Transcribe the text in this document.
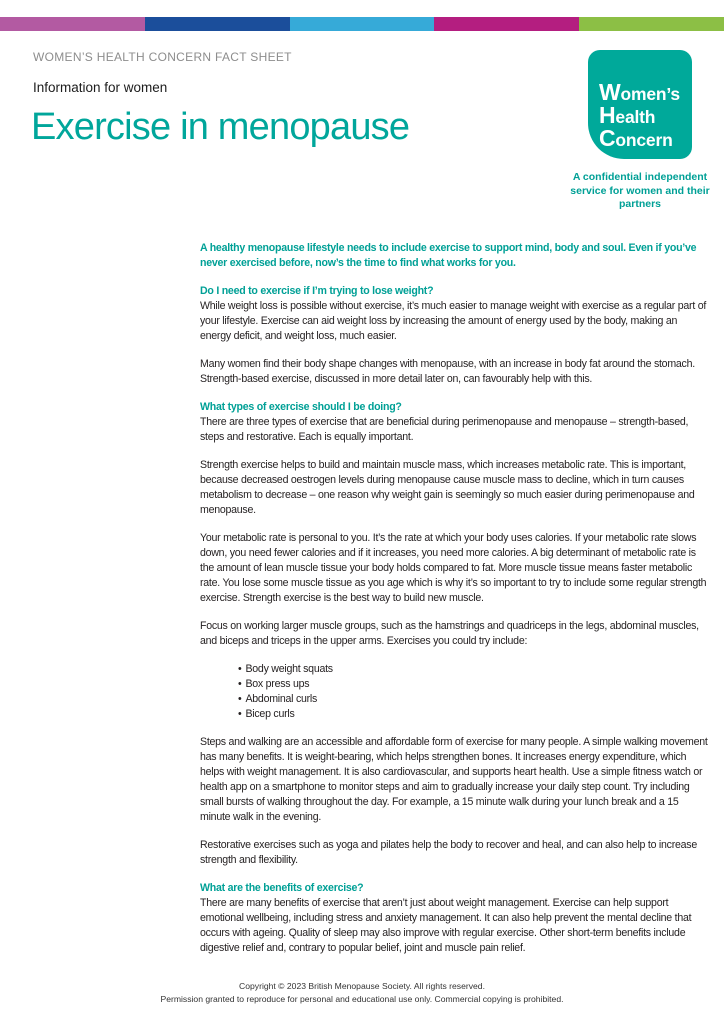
WOMEN’S HEALTH CONCERN FACT SHEET
Information for women
Exercise in menopause
Women’s
Health
Concern
A confidential independent service for women and their partners

A healthy menopause lifestyle needs to include exercise to support mind, body and soul. Even if you’ve never exercised before, now’s the time to find what works for you.

Do I need to exercise if I’m trying to lose weight?

While weight loss is possible without exercise, it’s much easier to manage weight with exercise as a regular part of your lifestyle. Exercise can aid weight loss by increasing the amount of energy used by the body, making an energy deficit, and weight loss, much easier.

Many women find their body shape changes with menopause, with an increase in body fat around the stomach. Strength-based exercise, discussed in more detail later on, can favourably help with this.

What types of exercise should I be doing?

There are three types of exercise that are beneficial during perimenopause and menopause – strength-based, steps and restorative. Each is equally important.

Strength exercise helps to build and maintain muscle mass, which increases metabolic rate. This is important, because decreased oestrogen levels during menopause cause muscle mass to decline, which in turn causes metabolism to decrease – one reason why weight gain is seemingly so much easier during perimenopause and menopause.

Your metabolic rate is personal to you. It’s the rate at which your body uses calories. If your metabolic rate slows down, you need fewer calories and if it increases, you need more calories. A big determinant of metabolic rate is the amount of lean muscle tissue your body holds compared to fat. More muscle tissue means faster metabolic rate. You lose some muscle tissue as you age which is why it’s so important to try to include some regular strength exercise. Strength exercise is the best way to build new muscle.

Focus on working larger muscle groups, such as the hamstrings and quadriceps in the legs, abdominal muscles, and biceps and triceps in the upper arms. Exercises you could try include:

• Body weight squats
• Box press ups
• Abdominal curls
• Bicep curls

Steps and walking are an accessible and affordable form of exercise for many people. A simple walking movement has many benefits. It is weight-bearing, which helps strengthen bones. It increases energy expenditure, which helps with weight management. It is also cardiovascular, and supports heart health. Use a simple fitness watch or health app on a smartphone to monitor steps and aim to gradually increase your daily step count. Try including small bursts of walking throughout the day. For example, a 15 minute walk during your lunch break and a 15 minute walk in the evening.

Restorative exercises such as yoga and pilates help the body to recover and heal, and can also help to increase strength and flexibility.

What are the benefits of exercise?

There are many benefits of exercise that aren’t just about weight management. Exercise can help support emotional wellbeing, including stress and anxiety management. It can also help prevent the mental decline that occurs with ageing. Quality of sleep may also improve with regular exercise. Other short-term benefits include digestive relief and, contrary to popular belief, joint and muscle pain relief.

Copyright © 2023 British Menopause Society. All rights reserved.
Permission granted to reproduce for personal and educational use only. Commercial copying is prohibited.
